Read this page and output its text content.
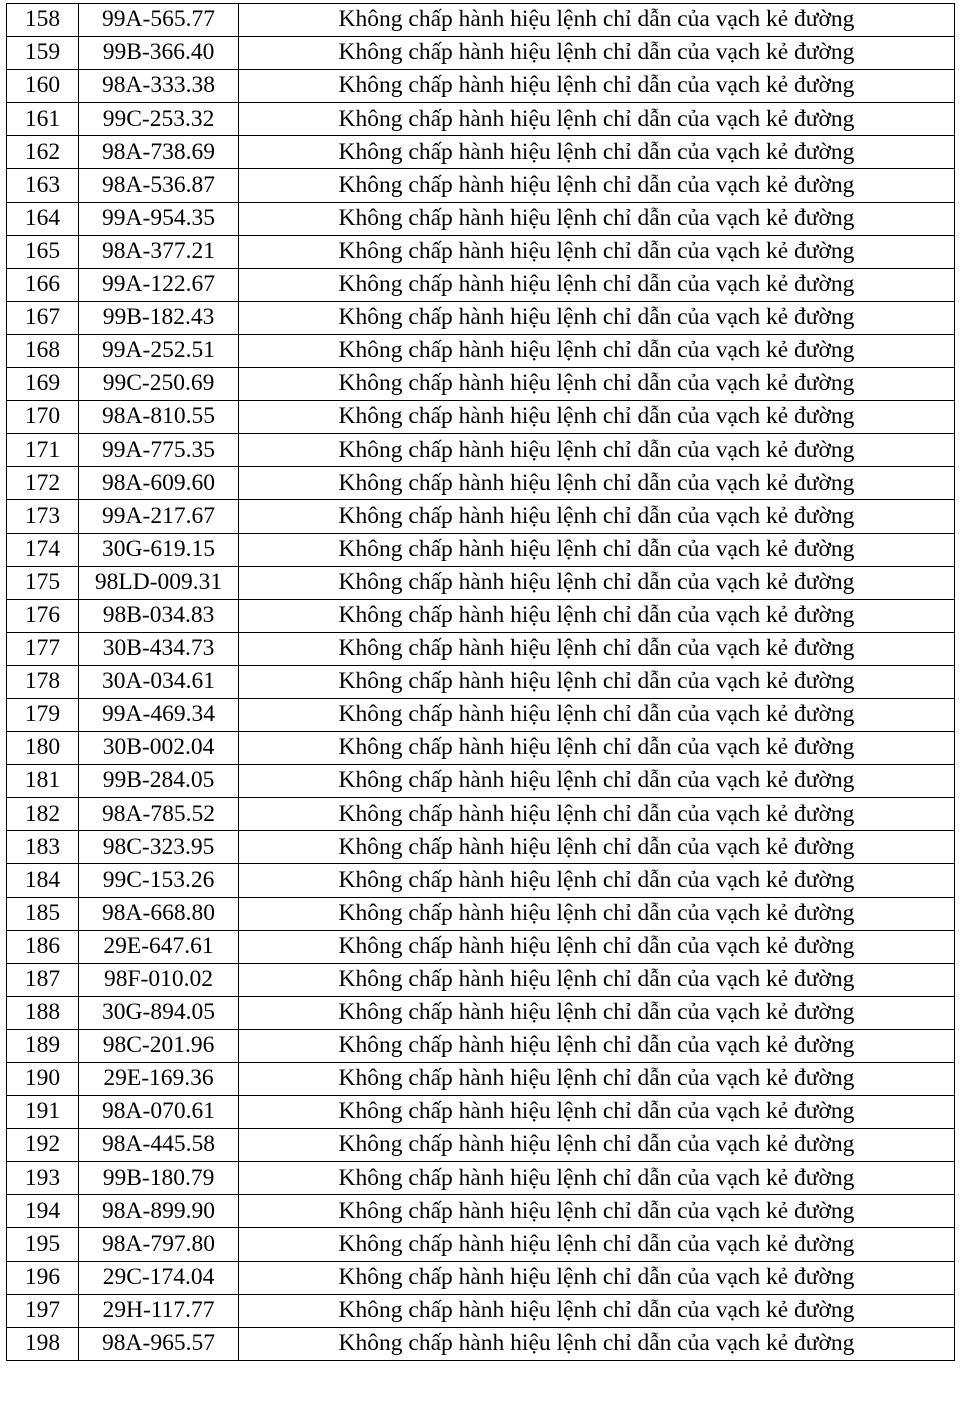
158	99A-565.77	Không chấp hành hiệu lệnh chỉ dẫn của vạch kẻ đường
159	99B-366.40	Không chấp hành hiệu lệnh chỉ dẫn của vạch kẻ đường
160	98A-333.38	Không chấp hành hiệu lệnh chỉ dẫn của vạch kẻ đường
161	99C-253.32	Không chấp hành hiệu lệnh chỉ dẫn của vạch kẻ đường
162	98A-738.69	Không chấp hành hiệu lệnh chỉ dẫn của vạch kẻ đường
163	98A-536.87	Không chấp hành hiệu lệnh chỉ dẫn của vạch kẻ đường
164	99A-954.35	Không chấp hành hiệu lệnh chỉ dẫn của vạch kẻ đường
165	98A-377.21	Không chấp hành hiệu lệnh chỉ dẫn của vạch kẻ đường
166	99A-122.67	Không chấp hành hiệu lệnh chỉ dẫn của vạch kẻ đường
167	99B-182.43	Không chấp hành hiệu lệnh chỉ dẫn của vạch kẻ đường
168	99A-252.51	Không chấp hành hiệu lệnh chỉ dẫn của vạch kẻ đường
169	99C-250.69	Không chấp hành hiệu lệnh chỉ dẫn của vạch kẻ đường
170	98A-810.55	Không chấp hành hiệu lệnh chỉ dẫn của vạch kẻ đường
171	99A-775.35	Không chấp hành hiệu lệnh chỉ dẫn của vạch kẻ đường
172	98A-609.60	Không chấp hành hiệu lệnh chỉ dẫn của vạch kẻ đường
173	99A-217.67	Không chấp hành hiệu lệnh chỉ dẫn của vạch kẻ đường
174	30G-619.15	Không chấp hành hiệu lệnh chỉ dẫn của vạch kẻ đường
175	98LD-009.31	Không chấp hành hiệu lệnh chỉ dẫn của vạch kẻ đường
176	98B-034.83	Không chấp hành hiệu lệnh chỉ dẫn của vạch kẻ đường
177	30B-434.73	Không chấp hành hiệu lệnh chỉ dẫn của vạch kẻ đường
178	30A-034.61	Không chấp hành hiệu lệnh chỉ dẫn của vạch kẻ đường
179	99A-469.34	Không chấp hành hiệu lệnh chỉ dẫn của vạch kẻ đường
180	30B-002.04	Không chấp hành hiệu lệnh chỉ dẫn của vạch kẻ đường
181	99B-284.05	Không chấp hành hiệu lệnh chỉ dẫn của vạch kẻ đường
182	98A-785.52	Không chấp hành hiệu lệnh chỉ dẫn của vạch kẻ đường
183	98C-323.95	Không chấp hành hiệu lệnh chỉ dẫn của vạch kẻ đường
184	99C-153.26	Không chấp hành hiệu lệnh chỉ dẫn của vạch kẻ đường
185	98A-668.80	Không chấp hành hiệu lệnh chỉ dẫn của vạch kẻ đường
186	29E-647.61	Không chấp hành hiệu lệnh chỉ dẫn của vạch kẻ đường
187	98F-010.02	Không chấp hành hiệu lệnh chỉ dẫn của vạch kẻ đường
188	30G-894.05	Không chấp hành hiệu lệnh chỉ dẫn của vạch kẻ đường
189	98C-201.96	Không chấp hành hiệu lệnh chỉ dẫn của vạch kẻ đường
190	29E-169.36	Không chấp hành hiệu lệnh chỉ dẫn của vạch kẻ đường
191	98A-070.61	Không chấp hành hiệu lệnh chỉ dẫn của vạch kẻ đường
192	98A-445.58	Không chấp hành hiệu lệnh chỉ dẫn của vạch kẻ đường
193	99B-180.79	Không chấp hành hiệu lệnh chỉ dẫn của vạch kẻ đường
194	98A-899.90	Không chấp hành hiệu lệnh chỉ dẫn của vạch kẻ đường
195	98A-797.80	Không chấp hành hiệu lệnh chỉ dẫn của vạch kẻ đường
196	29C-174.04	Không chấp hành hiệu lệnh chỉ dẫn của vạch kẻ đường
197	29H-117.77	Không chấp hành hiệu lệnh chỉ dẫn của vạch kẻ đường
198	98A-965.57	Không chấp hành hiệu lệnh chỉ dẫn của vạch kẻ đường
